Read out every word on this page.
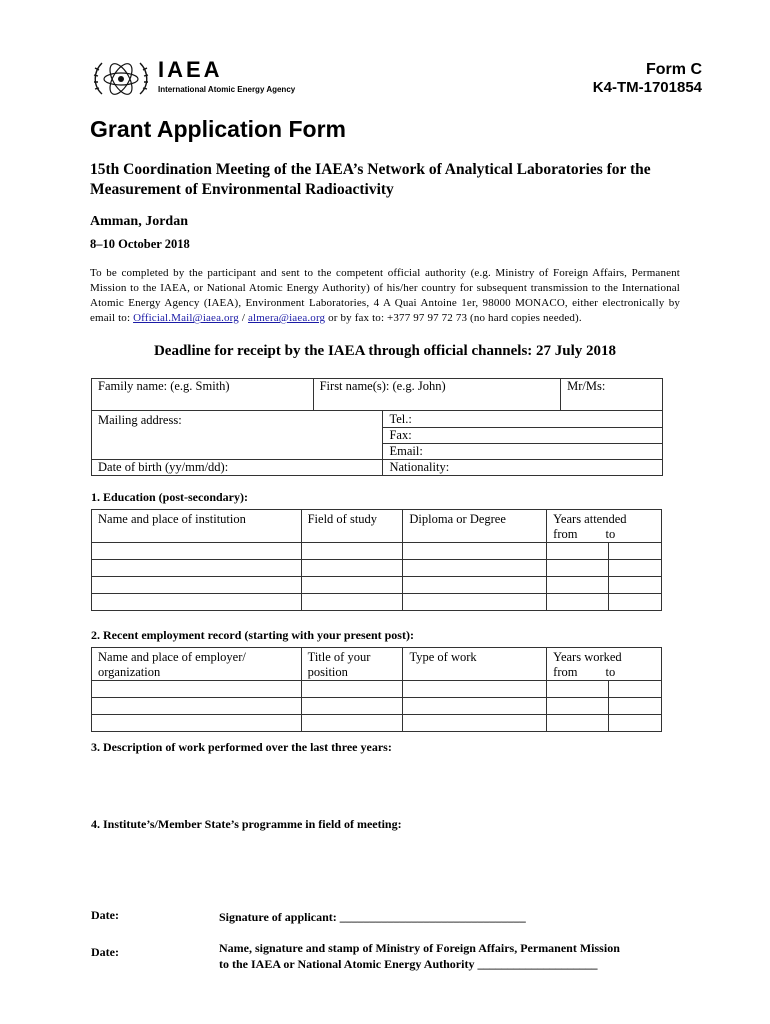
IAEA
International Atomic Energy Agency
Form C
K4-TM-1701854
Grant Application Form
15th Coordination Meeting of the IAEA’s Network of Analytical Laboratories for the Measurement of Environmental Radioactivity
Amman, Jordan
8–10 October 2018
To be completed by the participant and sent to the competent official authority (e.g. Ministry of Foreign Affairs, Permanent Mission to the IAEA, or National Atomic Energy Authority) of his/her country for subsequent transmission to the International Atomic Energy Agency (IAEA), Environment Laboratories, 4 A Quai Antoine 1er, 98000 MONACO, either electronically by email to: Official.Mail@iaea.org / almera@iaea.org or by fax to: +377 97 97 72 73 (no hard copies needed).
Deadline for receipt by the IAEA through official channels: 27 July 2018
Family name: (e.g. Smith)	First name(s): (e.g. John)		Mr/Ms:
Mailing address:		Tel.:	
		Fax:	
		Email:	
Date of birth (yy/mm/dd):		Nationality:	
1. Education (post-secondary):
Name and place of institution	Field of study	Diploma or Degree	Years attended
from to	

2. Recent employment record (starting with your present post):
Name and place of employer/ organization	Title of your position	Type of work	Years worked
from to	

3. Description of work performed over the last three years:
4. Institute’s/Member State’s programme in field of meeting:
Date:	Signature of applicant: _______________________________
Date:	Name, signature and stamp of Ministry of Foreign Affairs, Permanent Mission
to the IAEA or National Atomic Energy Authority ____________________
